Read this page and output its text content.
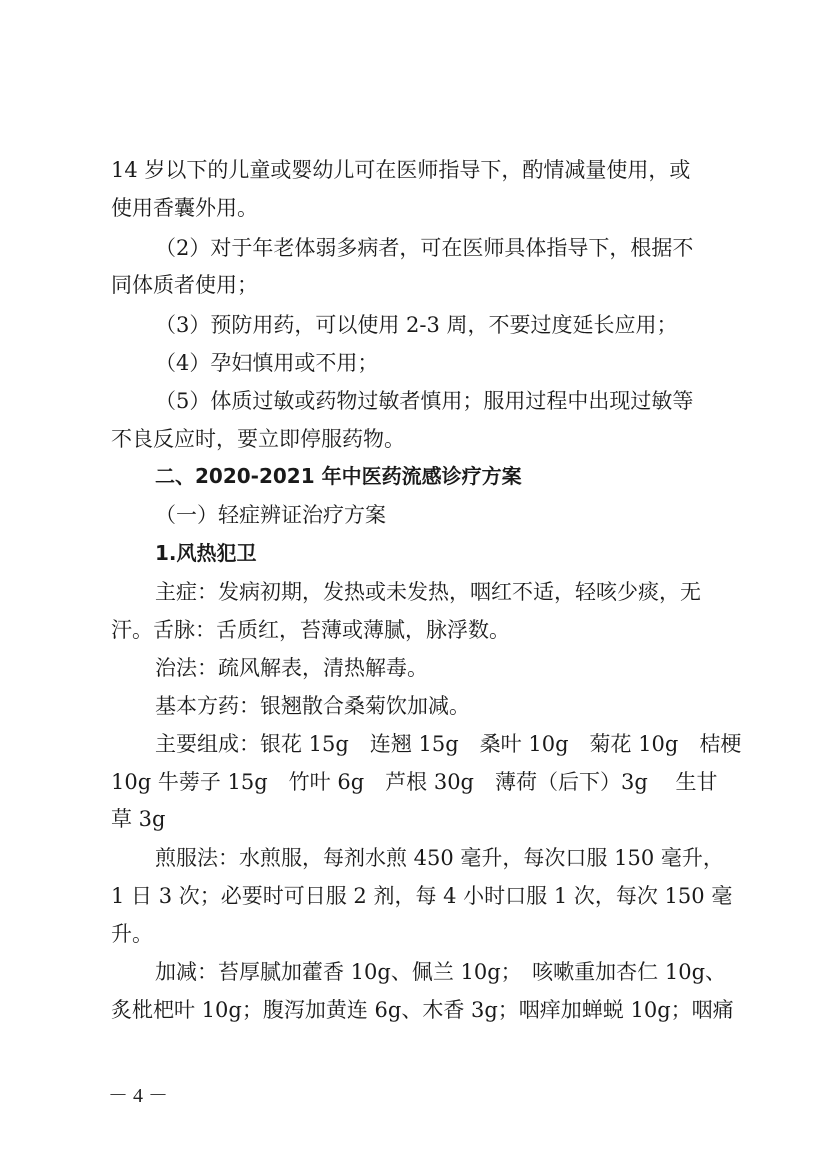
14 岁以下的儿童或婴幼儿可在医师指导下，酌情减量使用，或
使用香囊外用。
（2）对于年老体弱多病者，可在医师具体指导下，根据不
同体质者使用；
（3）预防用药，可以使用 2-3 周，不要过度延长应用；
（4）孕妇慎用或不用；
（5）体质过敏或药物过敏者慎用；服用过程中出现过敏等
不良反应时，要立即停服药物。
二、2020-2021 年中医药流感诊疗方案
（一）轻症辨证治疗方案
1.风热犯卫
主症：发病初期，发热或未发热，咽红不适，轻咳少痰，无
汗。舌脉：舌质红，苔薄或薄腻，脉浮数。
治法：疏风解表，清热解毒。
基本方药：银翘散合桑菊饮加减。
主要组成：银花 15g　连翘 15g　桑叶 10g　菊花 10g　桔梗
10g 牛蒡子 15g　竹叶 6g　芦根 30g　薄荷（后下）3g　 生甘
草 3g
煎服法：水煎服，每剂水煎 450 毫升，每次口服 150 毫升，
1 日 3 次；必要时可日服 2 剂，每 4 小时口服 1 次，每次 150 毫
升。
加减：苔厚腻加藿香 10g、佩兰 10g；　咳嗽重加杏仁 10g、
炙枇杷叶 10g；腹泻加黄连 6g、木香 3g；咽痒加蝉蜕 10g；咽痛
－ 4 －
